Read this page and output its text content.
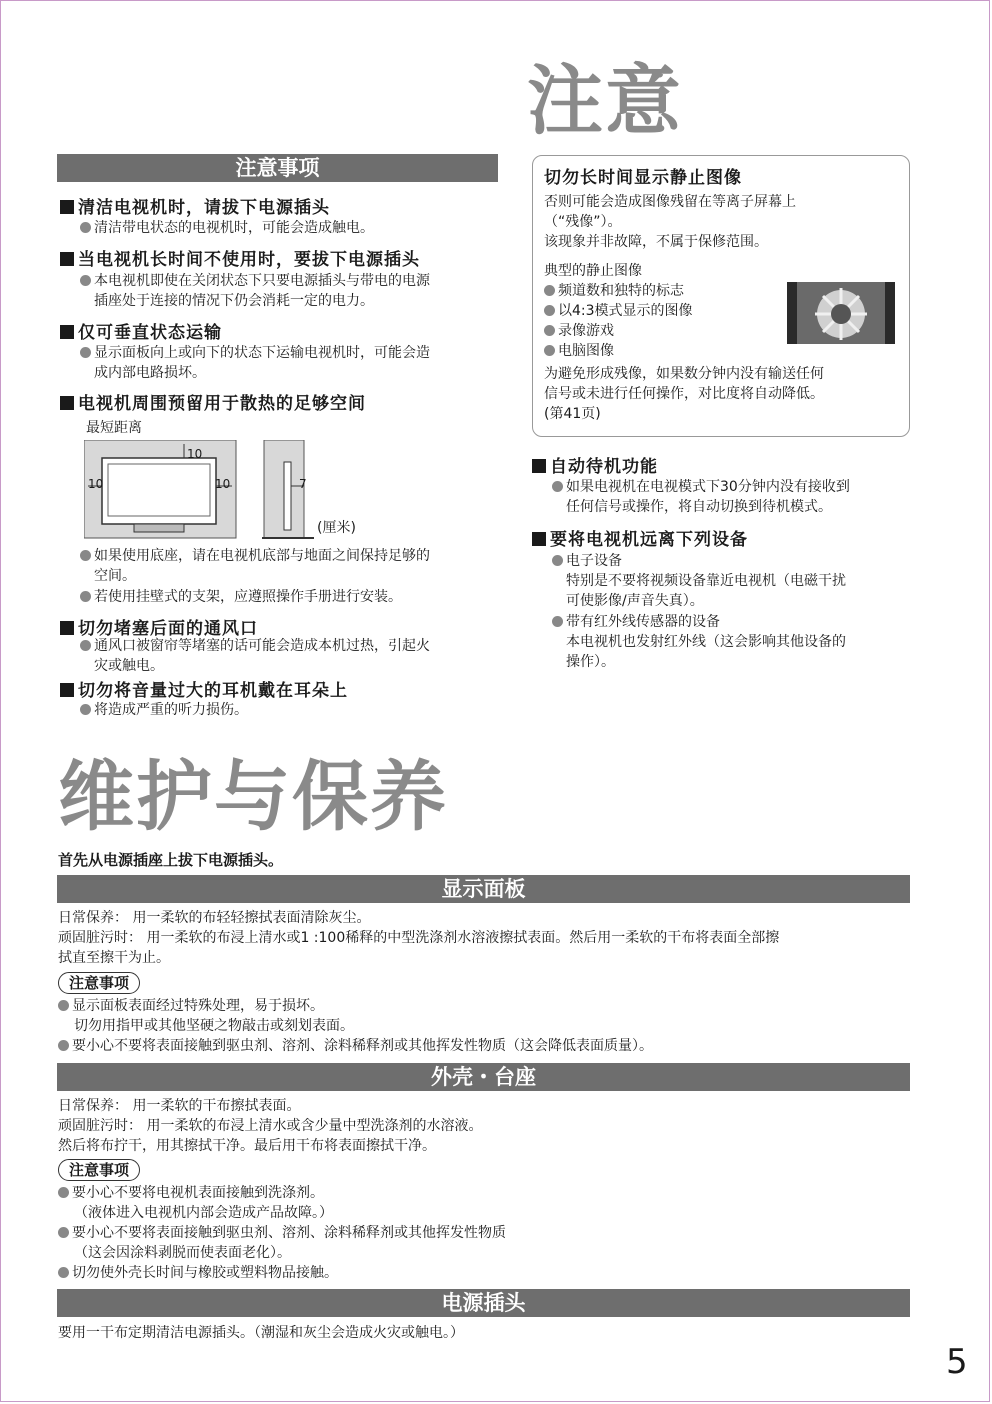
注意
注意事项
清洁电视机时，请拔下电源插头
清洁带电状态的电视机时，可能会造成触电。
当电视机长时间不使用时，要拔下电源插头
本电视机即使在关闭状态下只要电源插头与带电的电源
插座处于连接的情况下仍会消耗一定的电力。
仅可垂直状态运输
显示面板向上或向下的状态下运输电视机时，可能会造
成内部电路损坏。
电视机周围预留用于散热的足够空间
最短距离
10
10	10	7
(厘米)
如果使用底座，请在电视机底部与地面之间保持足够的
空间。
若使用挂壁式的支架，应遵照操作手册进行安装。
切勿堵塞后面的通风口
通风口被窗帘等堵塞的话可能会造成本机过热，引起火
灾或触电。
切勿将音量过大的耳机戴在耳朵上
将造成严重的听力损伤。
切勿长时间显示静止图像
否则可能会造成图像残留在等离子屏幕上
（“残像”）。
该现象并非故障，不属于保修范围。
典型的静止图像
频道数和独特的标志
以4:3模式显示的图像
录像游戏
电脑图像
为避免形成残像，如果数分钟内没有输送任何
信号或未进行任何操作，对比度将自动降低。
(第41页)
自动待机功能
如果电视机在电视模式下30分钟内没有接收到
任何信号或操作，将自动切换到待机模式。
要将电视机远离下列设备
电子设备
特别是不要将视频设备靠近电视机（电磁干扰
可使影像/声音失真）。
带有红外线传感器的设备
本电视机也发射红外线（这会影响其他设备的
操作）。
维护与保养
首先从电源插座上拔下电源插头。
显示面板
日常保养： 用一柔软的布轻轻擦拭表面清除灰尘。
顽固脏污时： 用一柔软的布浸上清水或1 :100稀释的中型洗涤剂水溶液擦拭表面。然后用一柔软的干布将表面全部擦
拭直至擦干为止。
注意事项
显示面板表面经过特殊处理，易于损坏。
切勿用指甲或其他坚硬之物敲击或刻划表面。
要小心不要将表面接触到驱虫剂、溶剂、涂料稀释剂或其他挥发性物质（这会降低表面质量）。
外壳・台座
日常保养： 用一柔软的干布擦拭表面。
顽固脏污时： 用一柔软的布浸上清水或含少量中型洗涤剂的水溶液。
然后将布拧干，用其擦拭干净。最后用干布将表面擦拭干净。
注意事项
要小心不要将电视机表面接触到洗涤剂。
（液体进入电视机内部会造成产品故障。）
要小心不要将表面接触到驱虫剂、溶剂、涂料稀释剂或其他挥发性物质
（这会因涂料剥脱而使表面老化）。
切勿使外壳长时间与橡胶或塑料物品接触。
电源插头
要用一干布定期清洁电源插头。（潮湿和灰尘会造成火灾或触电。）
5
